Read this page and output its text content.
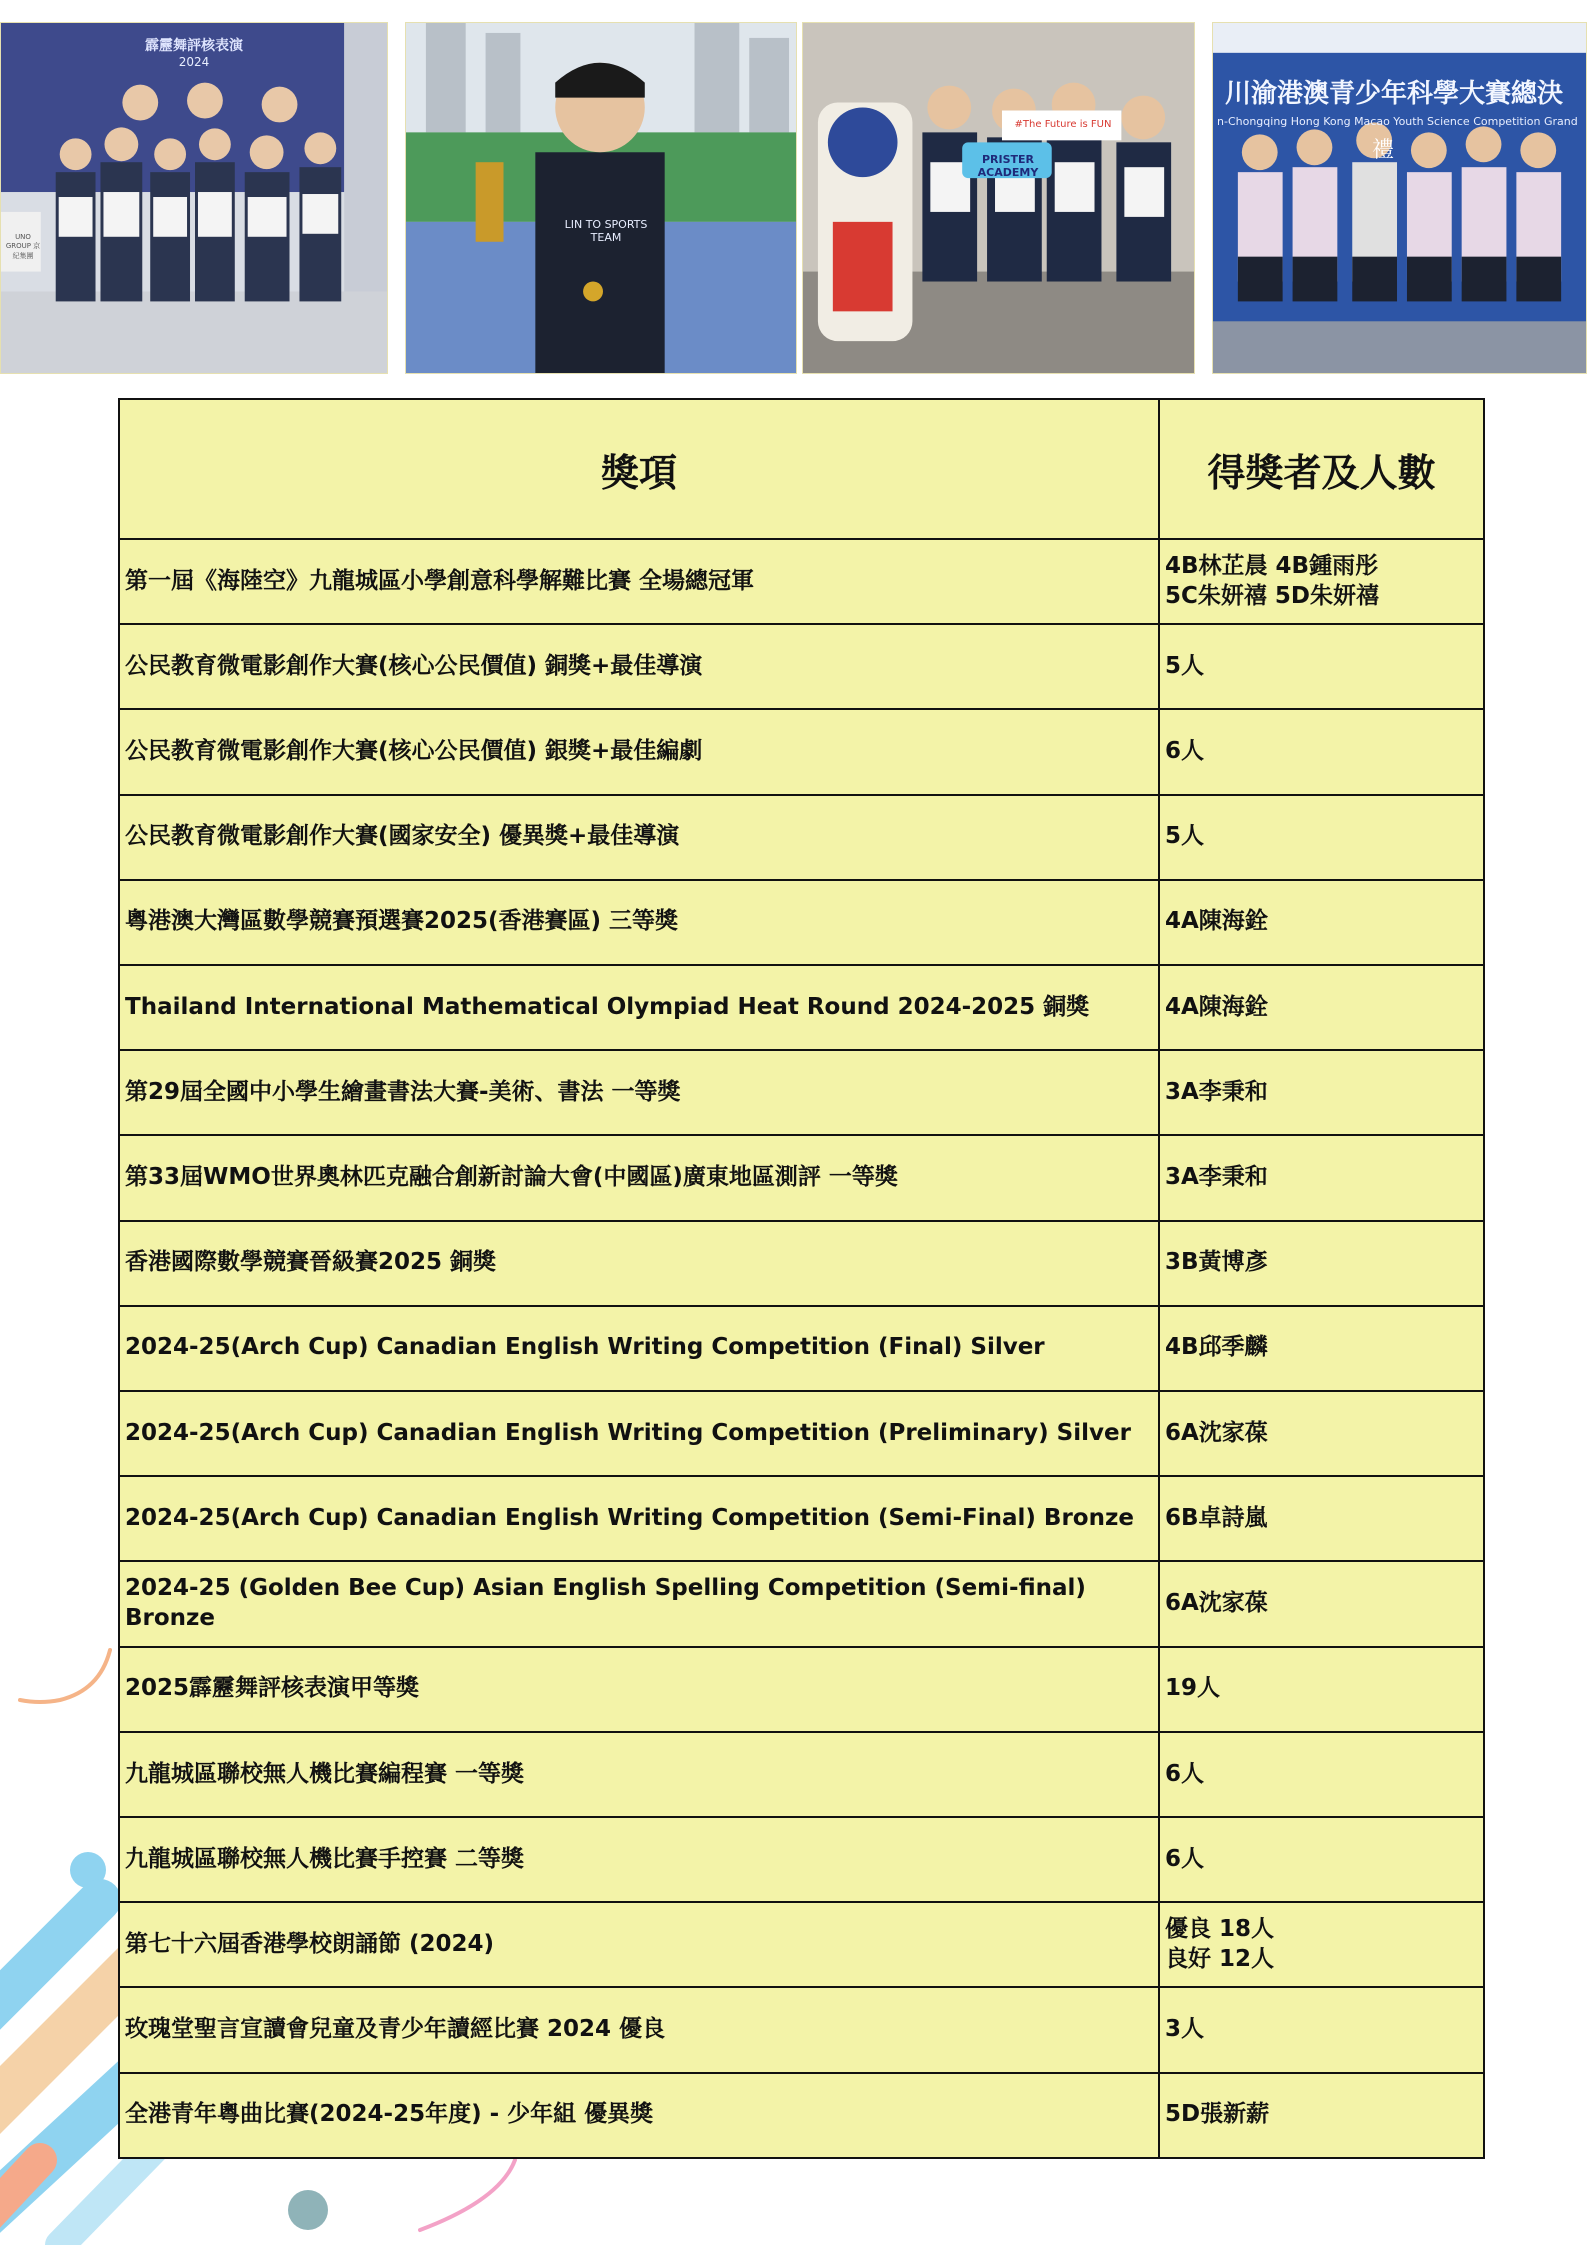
霹靂舞評核表演
2024
UNO GROUP 京紀集團
LIN TO SPORTS TEAM
#The Future is FUN
PRISTER ACADEMY
川渝港澳青少年科學大賽總決
n-Chongqing Hong Kong Macao Youth Science Competition Grand
禮
獎項	得獎者及人數
第一屆《海陸空》九龍城區小學創意科學解難比賽 全場總冠軍	4B林芷晨 4B鍾雨彤
5C朱妍禧 5D朱妍禧

公民教育微電影創作大賽(核心公民價值) 銅獎+最佳導演	5人

公民教育微電影創作大賽(核心公民價值) 銀獎+最佳編劇	6人

公民教育微電影創作大賽(國家安全) 優異獎+最佳導演	5人

粵港澳大灣區數學競賽預選賽2025(香港賽區) 三等獎	4A陳海銓

Thailand International Mathematical Olympiad Heat Round 2024-2025 銅獎	4A陳海銓

第29屆全國中小學生繪畫書法大賽-美術、書法 一等獎	3A李秉和

第33屆WMO世界奧林匹克融合創新討論大會(中國區)廣東地區測評 一等獎	3A李秉和

香港國際數學競賽晉級賽2025 銅獎	3B黃博彥

2024-25(Arch Cup) Canadian English Writing Competition (Final) Silver	4B邱季麟

2024-25(Arch Cup) Canadian English Writing Competition (Preliminary) Silver	6A沈家葆

2024-25(Arch Cup) Canadian English Writing Competition (Semi-Final) Bronze	6B卓詩嵐

2024-25 (Golden Bee Cup) Asian English Spelling Competition (Semi-final) Bronze	6A沈家葆

2025霹靂舞評核表演甲等獎	19人

九龍城區聯校無人機比賽編程賽 一等獎	6人

九龍城區聯校無人機比賽手控賽 二等獎	6人

第七十六屆香港學校朗誦節 (2024)	優良 18人
良好 12人

玫瑰堂聖言宣讀會兒童及青少年讀經比賽 2024 優良	3人

全港青年粵曲比賽(2024-25年度) - 少年組 優異獎	5D張新薪
